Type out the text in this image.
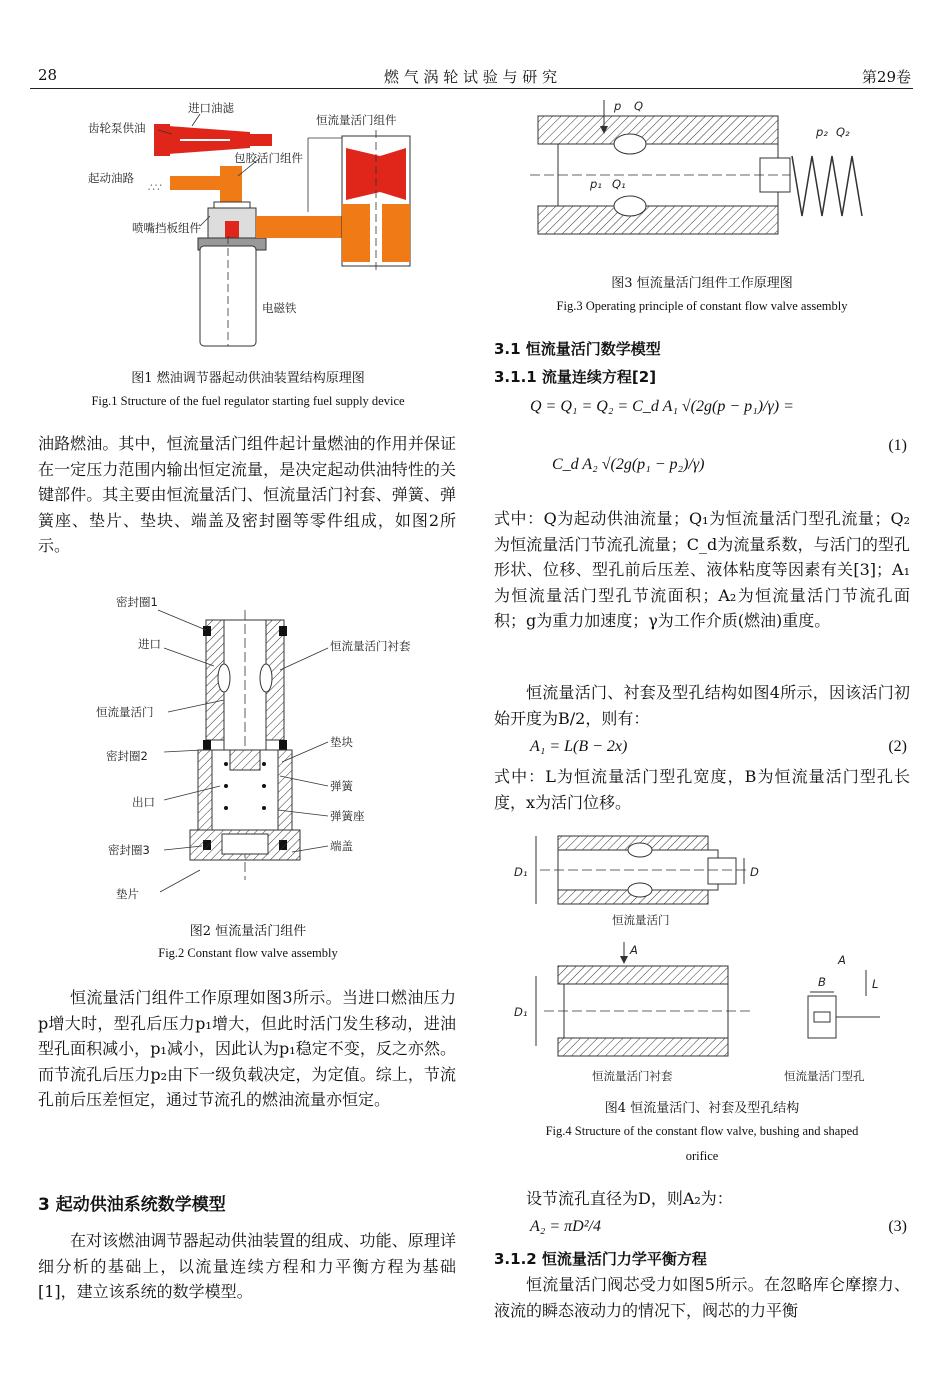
28	燃 气 涡 轮 试 验 与 研 究	第29卷
∴∵
齿轮泵供油
进口油滤
恒流量活门组件
包胶活门组件
起动油路
喷嘴挡板组件
电磁铁
图1 燃油调节器起动供油装置结构原理图
Fig.1 Structure of the fuel regulator starting fuel supply device

油路燃油。其中，恒流量活门组件起计量燃油的作用并保证在一定压力范围内输出恒定流量，是决定起动供油特性的关键部件。其主要由恒流量活门、恒流量活门衬套、弹簧、弹簧座、垫片、垫块、端盖及密封圈等零件组成，如图2所示。

密封圈1
进口	恒流量活门衬套
恒流量活门
垫块
密封圈2
弹簧
出口
弹簧座
端盖
密封圈3
垫片
图2 恒流量活门组件
Fig.2 Constant flow valve assembly

恒流量活门组件工作原理如图3所示。当进口燃油压力p增大时，型孔后压力p₁增大，但此时活门发生移动，进油型孔面积减小，p₁减小，因此认为p₁稳定不变，反之亦然。而节流孔后压力p₂由下一级负载决定，为定值。综上，节流孔前后压差恒定，通过节流孔的燃油流量亦恒定。

3 起动供油系统数学模型

在对该燃油调节器起动供油装置的组成、功能、原理详细分析的基础上，以流量连续方程和力平衡方程为基础[1]，建立该系统的数学模型。

p Q
p₂ Q₂
p₁ Q₁
图3 恒流量活门组件工作原理图
Fig.3 Operating principle of constant flow valve assembly
3.1 恒流量活门数学模型
3.1.1 流量连续方程[2]
Q = Q₁ = Q₂ = C_d A₁ √(2g(p − p₁)/γ) =
C_d A₂ √(2g(p₁ − p₂)/γ)
(1)

式中：Q为起动供油流量；Q₁为恒流量活门型孔流量；Q₂为恒流量活门节流孔流量；C_d为流量系数，与活门的型孔形状、位移、型孔前后压差、液体粘度等因素有关[3]；A₁为恒流量活门型孔节流面积；A₂为恒流量活门节流孔面积；g为重力加速度；γ为工作介质(燃油)重度。

恒流量活门、衬套及型孔结构如图4所示，因该活门初始开度为B/2，则有：

A₁ = L(B − 2x)	(2)

式中：L为恒流量活门型孔宽度，B为恒流量活门型孔长度，x为活门位移。

D₁	D
恒流量活门
A
D₁
恒流量活门衬套
A
B	L
恒流量活门型孔
图4 恒流量活门、衬套及型孔结构
Fig.4 Structure of the constant flow valve, bushing and shaped
orifice

设节流孔直径为D，则A₂为：

A₂ = πD²/4	(3)
3.1.2 恒流量活门力学平衡方程

恒流量活门阀芯受力如图5所示。在忽略库仑摩擦力、液流的瞬态液动力的情况下，阀芯的力平衡
